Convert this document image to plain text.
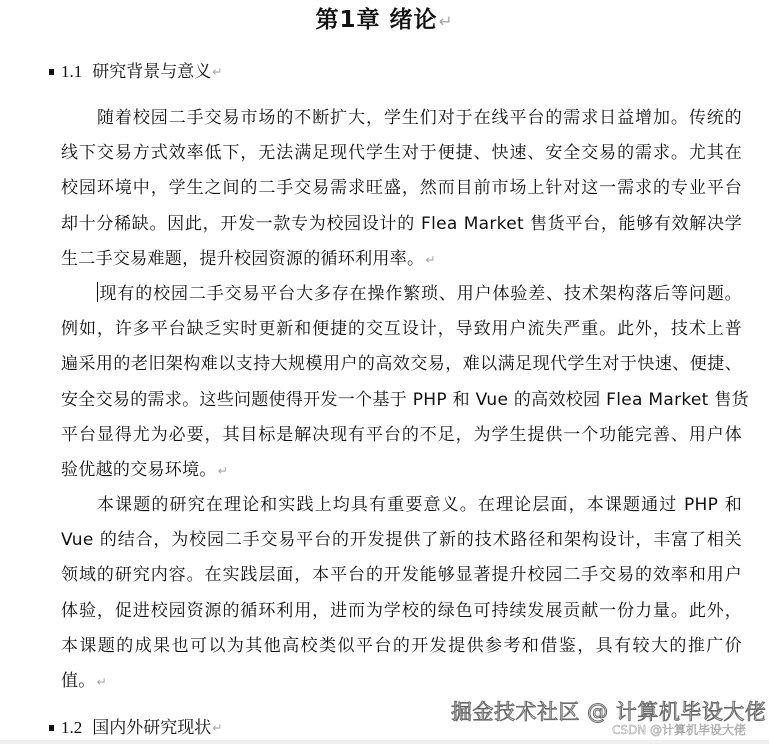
第1章 绪论↵
1.1 研究背景与意义 ↵
随着校园二手交易市场的不断扩大，学生们对于在线平台的需求日益增加。传统的
线下交易方式效率低下，无法满足现代学生对于便捷、快速、安全交易的需求。尤其在
校园环境中，学生之间的二手交易需求旺盛，然而目前市场上针对这一需求的专业平台
却十分稀缺。因此，开发一款专为校园设计的 Flea Market 售货平台，能够有效解决学
生二手交易难题，提升校园资源的循环利用率。↵
现有的校园二手交易平台大多存在操作繁琐、用户体验差、技术架构落后等问题。
例如，许多平台缺乏实时更新和便捷的交互设计，导致用户流失严重。此外，技术上普
遍采用的老旧架构难以支持大规模用户的高效交易，难以满足现代学生对于快速、便捷、
安全交易的需求。这些问题使得开发一个基于 PHP 和 Vue 的高效校园 Flea Market 售货
平台显得尤为必要，其目标是解决现有平台的不足，为学生提供一个功能完善、用户体
验优越的交易环境。↵
本课题的研究在理论和实践上均具有重要意义。在理论层面，本课题通过 PHP 和
Vue 的结合，为校园二手交易平台的开发提供了新的技术路径和架构设计，丰富了相关
领域的研究内容。在实践层面，本平台的开发能够显著提升校园二手交易的效率和用户
体验，促进校园资源的循环利用，进而为学校的绿色可持续发展贡献一份力量。此外，
本课题的成果也可以为其他高校类似平台的开发提供参考和借鉴，具有较大的推广价
值。↵
1.2 国内外研究现状 ↵
掘金技术社区 @ 计算机毕设大佬
CSDN @计算机毕设大佬
